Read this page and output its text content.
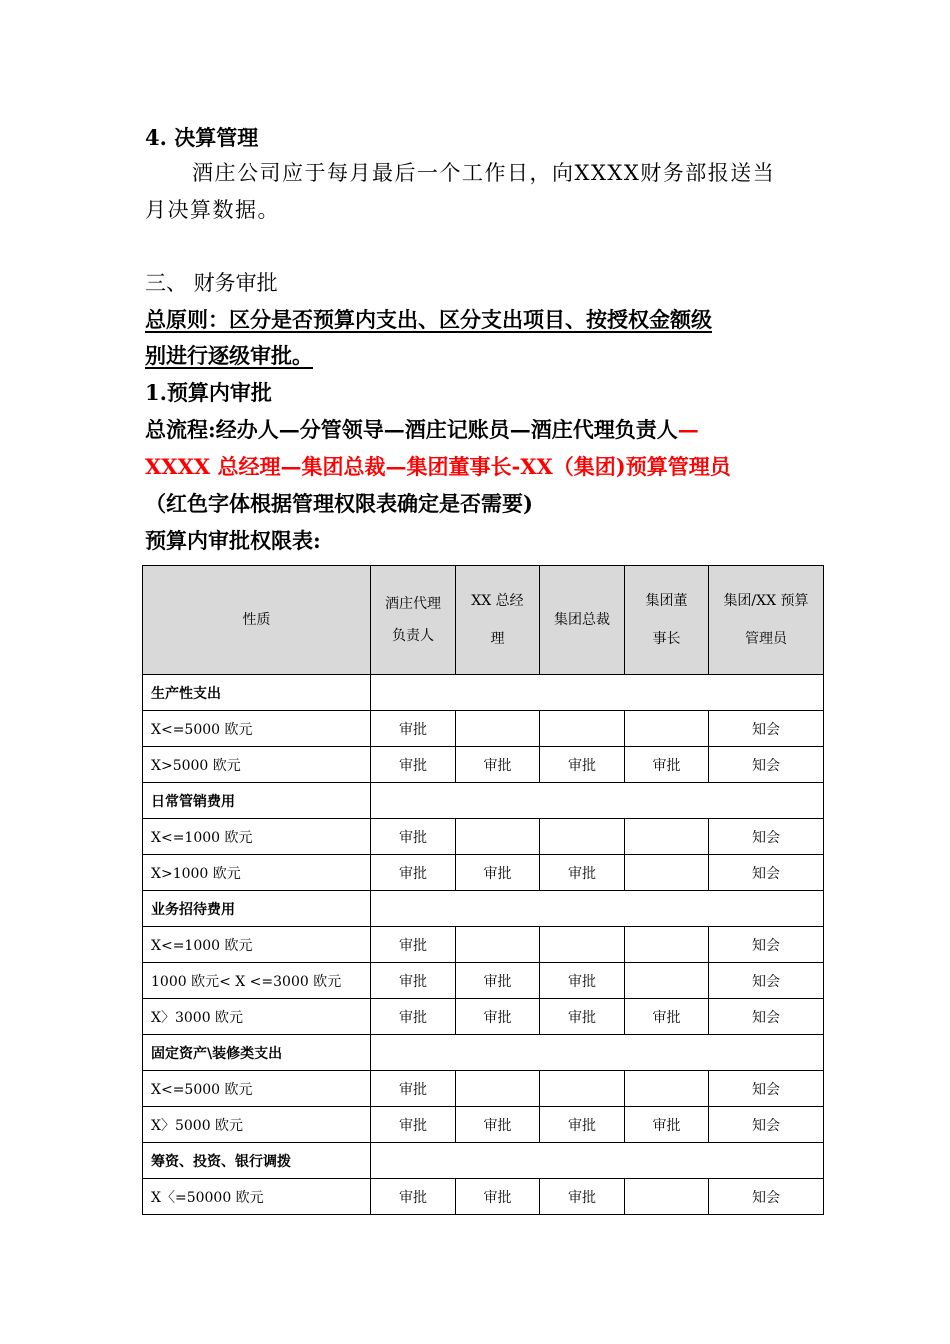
4. 决算管理
酒庄公司应于每月最后一个工作日，向XXXX财务部报送当
月决算数据。
三、 财务审批
总原则：区分是否预算内支出、区分支出项目、按授权金额级
别进行逐级审批。
1.预算内审批
总流程:经办人—分管领导—酒庄记账员—酒庄代理负责人—
XXXX 总经理—集团总裁—集团董事长-XX（集团)预算管理员
（红色字体根据管理权限表确定是否需要)
预算内审批权限表:
性质	酒庄代理负责人	XX 总经理	集团总裁	集团董事长	集团/XX 预算管理员

生产性支出					
X<=5000 欧元	审批				知会
X>5000 欧元	审批	审批	审批	审批	知会
日常管销费用					
X<=1000 欧元	审批				知会
X>1000 欧元	审批	审批	审批		知会
业务招待费用					
X<=1000 欧元	审批				知会
1000 欧元< X <=3000 欧元	审批	审批	审批		知会
X〉3000 欧元	审批	审批	审批	审批	知会
固定资产\装修类支出					
X<=5000 欧元	审批				知会
X〉5000 欧元	审批	审批	审批	审批	知会
筹资、投资、银行调拨					
X〈=50000 欧元	审批	审批	审批		知会
